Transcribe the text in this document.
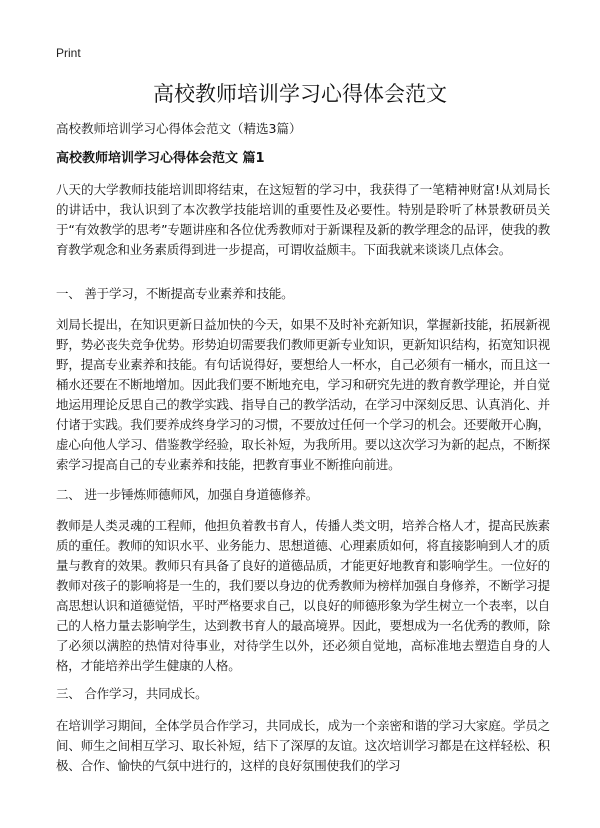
Print
高校教师培训学习心得体会范文

高校教师培训学习心得体会范文（精选3篇）

高校教师培训学习心得体会范文 篇1

八天的大学教师技能培训即将结束，在这短暂的学习中，我获得了一笔精神财富!从刘局长的讲话中，我认识到了本次教学技能培训的重要性及必要性。特别是聆听了林景教研员关于“有效教学的思考”专题讲座和各位优秀教师对于新课程及新的教学理念的品评，使我的教育教学观念和业务素质得到进一步提高，可谓收益颇丰。下面我就来谈谈几点体会。

一、 善于学习，不断提高专业素养和技能。

刘局长提出，在知识更新日益加快的今天，如果不及时补充新知识，掌握新技能，拓展新视野，势必丧失竞争优势。形势迫切需要我们教师更新专业知识，更新知识结构，拓宽知识视野，提高专业素养和技能。有句话说得好，要想给人一杯水，自己必须有一桶水，而且这一桶水还要在不断地增加。因此我们要不断地充电，学习和研究先进的教育教学理论，并自觉地运用理论反思自己的教学实践、指导自己的教学活动，在学习中深刻反思、认真消化、并付诸于实践。我们要养成终身学习的习惯，不要放过任何一个学习的机会。还要敞开心胸，虚心向他人学习、借鉴教学经验，取长补短，为我所用。要以这次学习为新的起点，不断探索学习提高自己的专业素养和技能，把教育事业不断推向前进。

二、 进一步锤炼师德师风，加强自身道德修养。

教师是人类灵魂的工程师，他担负着教书育人，传播人类文明，培养合格人才，提高民族素质的重任。教师的知识水平、业务能力、思想道德、心理素质如何，将直接影响到人才的质量与教育的效果。教师只有具备了良好的道德品质，才能更好地教育和影响学生。一位好的教师对孩子的影响将是一生的，我们要以身边的优秀教师为榜样加强自身修养，不断学习提高思想认识和道德觉悟，平时严格要求自己，以良好的师德形象为学生树立一个表率，以自己的人格力量去影响学生，达到教书育人的最高境界。因此，要想成为一名优秀的教师，除了必须以满腔的热情对待事业，对待学生以外，还必须自觉地，高标准地去塑造自身的人格，才能培养出学生健康的人格。

三、 合作学习，共同成长。

在培训学习期间，全体学员合作学习，共同成长，成为一个亲密和谐的学习大家庭。学员之间、师生之间相互学习、取长补短，结下了深厚的友谊。这次培训学习都是在这样轻松、积极、合作、愉快的气氛中进行的，这样的良好氛围使我们的学习
